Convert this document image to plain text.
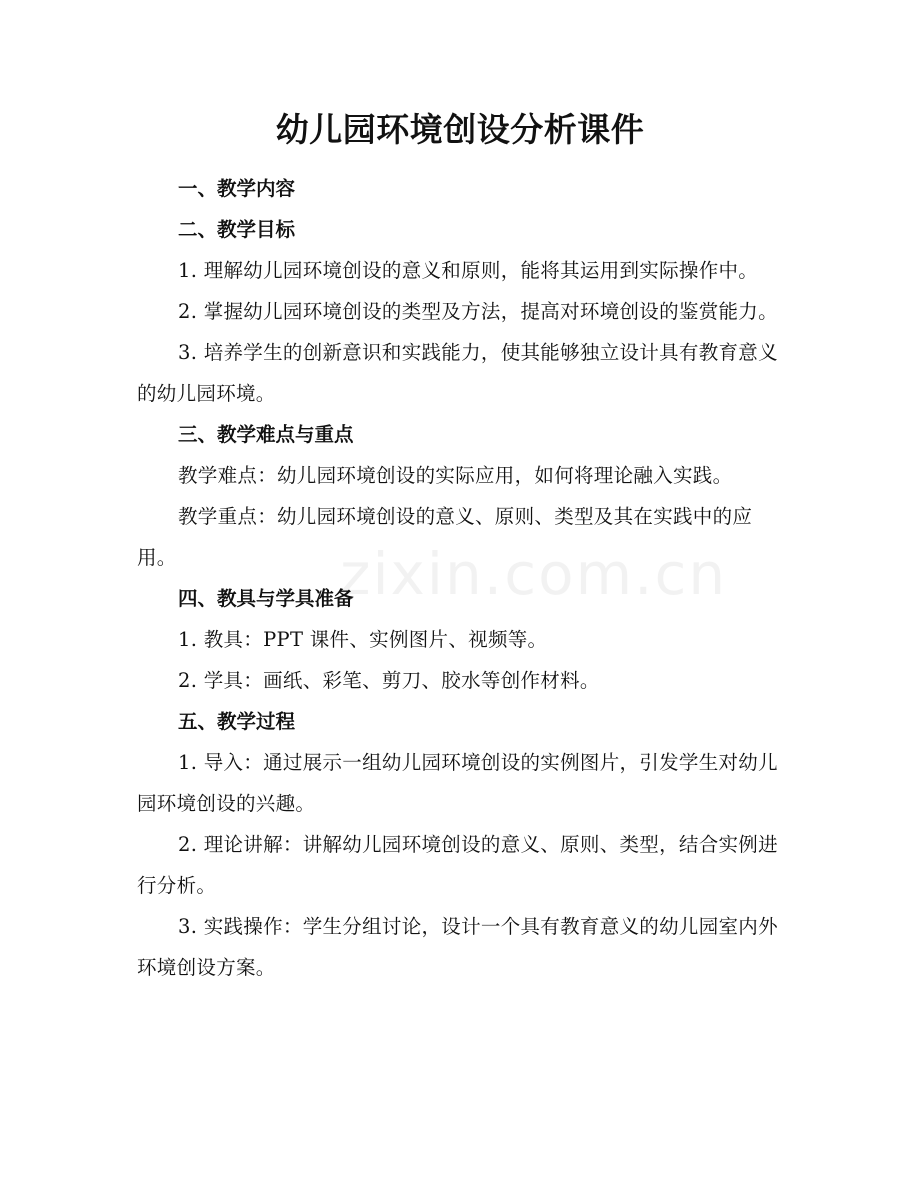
zixin.com.cn
幼儿园环境创设分析课件
一、教学内容
二、教学目标
1. 理解幼儿园环境创设的意义和原则，能将其运用到实际操作中。
2. 掌握幼儿园环境创设的类型及方法，提高对环境创设的鉴赏能力。
3. 培养学生的创新意识和实践能力，使其能够独立设计具有教育意义的幼儿园环境。
三、教学难点与重点
教学难点：幼儿园环境创设的实际应用，如何将理论融入实践。
教学重点：幼儿园环境创设的意义、原则、类型及其在实践中的应用。
四、教具与学具准备
1. 教具：PPT 课件、实例图片、视频等。
2. 学具：画纸、彩笔、剪刀、胶水等创作材料。
五、教学过程
1. 导入：通过展示一组幼儿园环境创设的实例图片，引发学生对幼儿园环境创设的兴趣。
2. 理论讲解：讲解幼儿园环境创设的意义、原则、类型，结合实例进行分析。
3. 实践操作：学生分组讨论，设计一个具有教育意义的幼儿园室内外环境创设方案。
